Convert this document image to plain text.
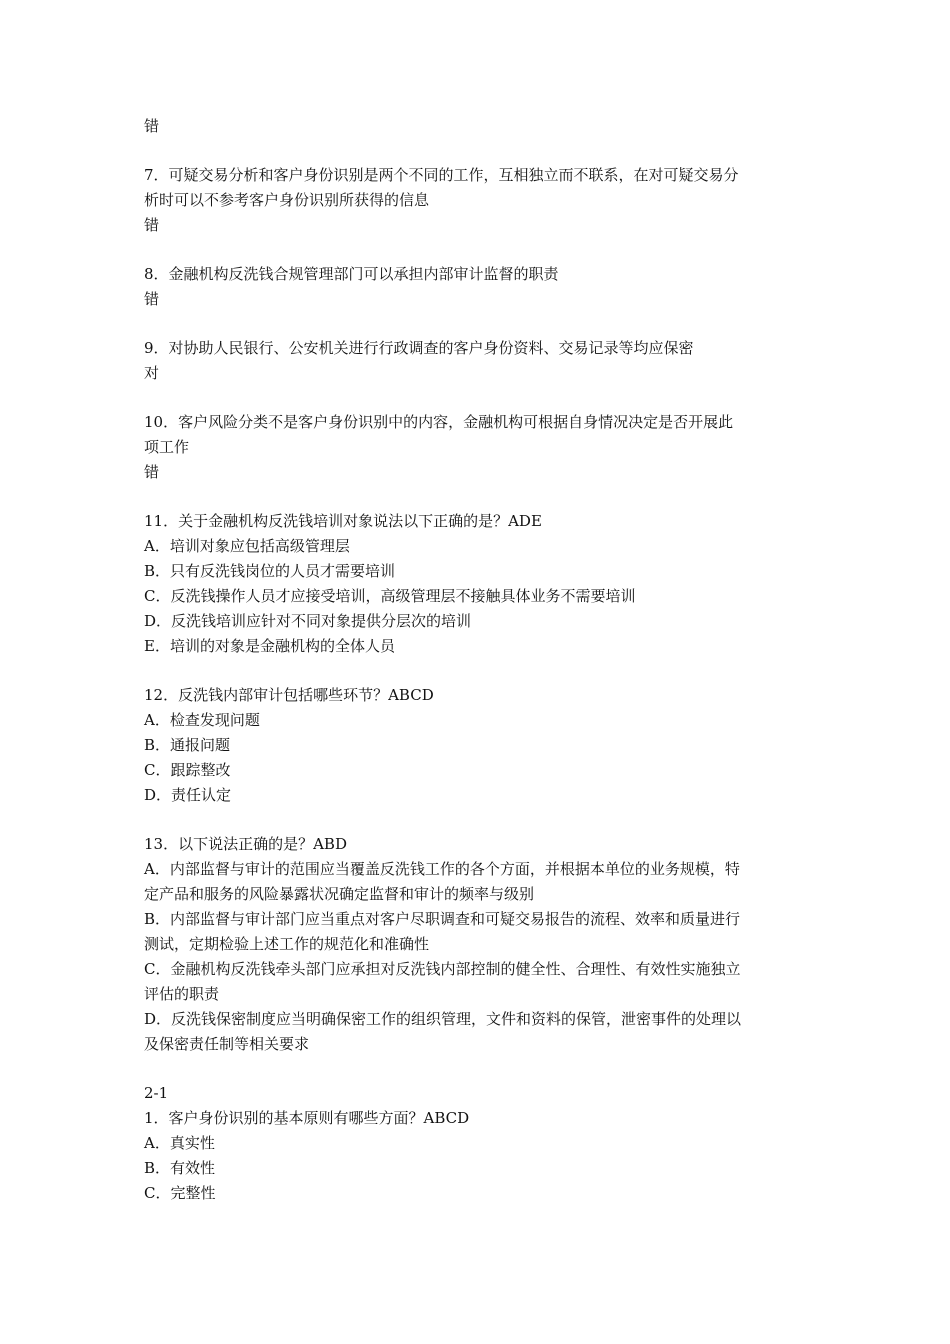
错
7．可疑交易分析和客户身份识别是两个不同的工作，互相独立而不联系，在对可疑交易分
析时可以不参考客户身份识别所获得的信息
错
8．金融机构反洗钱合规管理部门可以承担内部审计监督的职责
错
9．对协助人民银行、公安机关进行行政调查的客户身份资料、交易记录等均应保密
对
10．客户风险分类不是客户身份识别中的内容，金融机构可根据自身情况决定是否开展此
项工作
错
11．关于金融机构反洗钱培训对象说法以下正确的是？ADE
A．培训对象应包括高级管理层
B．只有反洗钱岗位的人员才需要培训
C．反洗钱操作人员才应接受培训，高级管理层不接触具体业务不需要培训
D．反洗钱培训应针对不同对象提供分层次的培训
E．培训的对象是金融机构的全体人员
12．反洗钱内部审计包括哪些环节？ABCD
A．检查发现问题
B．通报问题
C．跟踪整改
D．责任认定
13．以下说法正确的是？ABD
A．内部监督与审计的范围应当覆盖反洗钱工作的各个方面，并根据本单位的业务规模，特
定产品和服务的风险暴露状况确定监督和审计的频率与级别
B．内部监督与审计部门应当重点对客户尽职调查和可疑交易报告的流程、效率和质量进行
测试，定期检验上述工作的规范化和准确性
C．金融机构反洗钱牵头部门应承担对反洗钱内部控制的健全性、合理性、有效性实施独立
评估的职责
D．反洗钱保密制度应当明确保密工作的组织管理，文件和资料的保管，泄密事件的处理以
及保密责任制等相关要求
2-1
1．客户身份识别的基本原则有哪些方面？ABCD
A．真实性
B．有效性
C．完整性
